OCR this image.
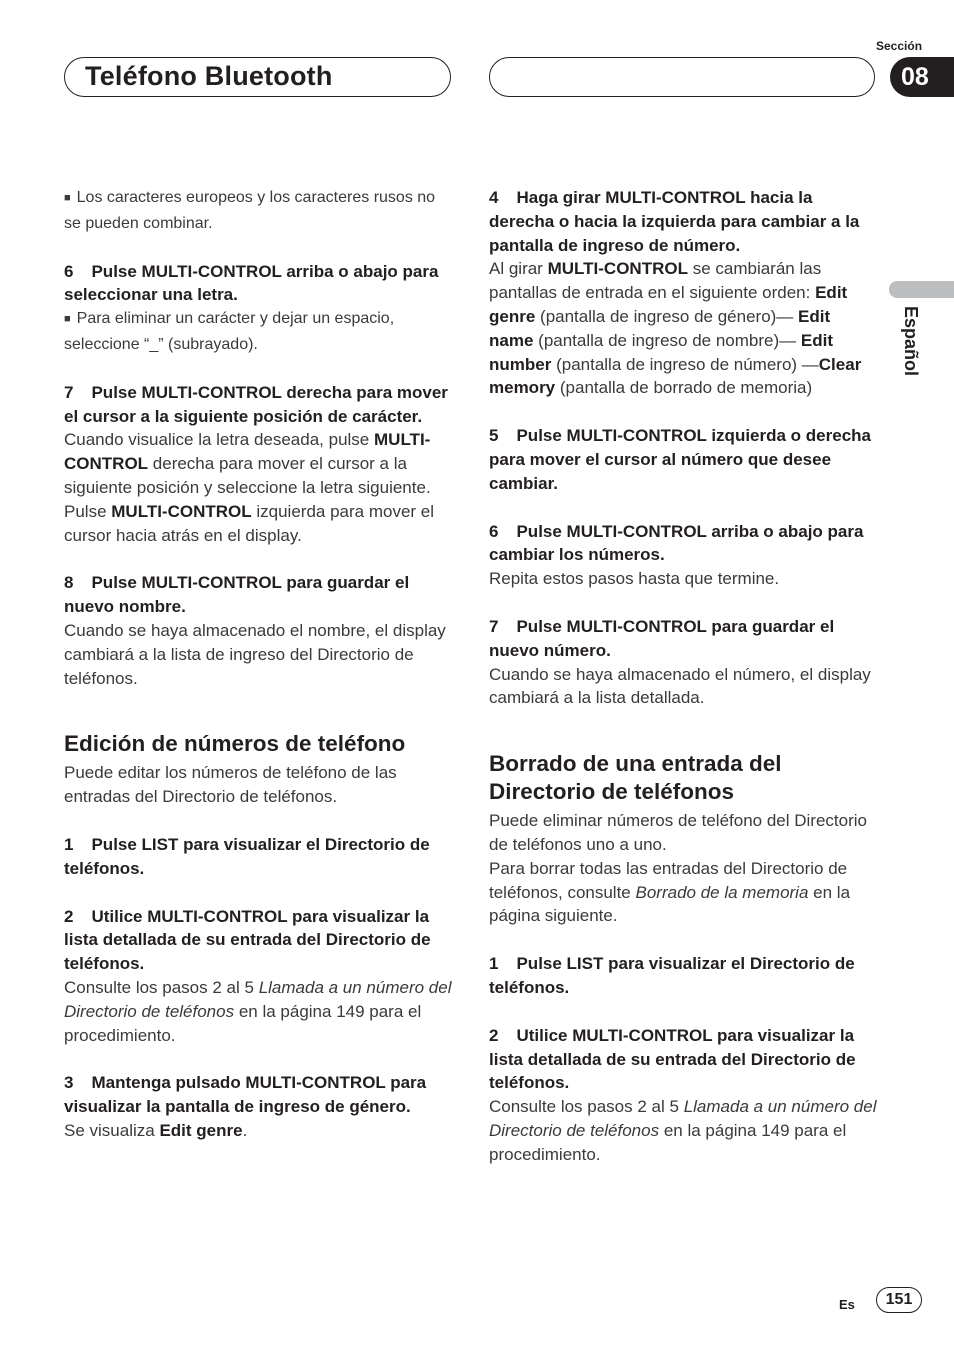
Teléfono Bluetooth
Sección
08
Español

■ Los caracteres europeos y los caracteres rusos no se pueden combinar.

6 Pulse MULTI-CONTROL arriba o abajo para seleccionar una letra.

■ Para eliminar un carácter y dejar un espacio, seleccione “_” (subrayado).

7 Pulse MULTI-CONTROL derecha para mover el cursor a la siguiente posición de carácter.

Cuando visualice la letra deseada, pulse MULTI-CONTROL derecha para mover el cursor a la siguiente posición y seleccione la letra siguiente. Pulse MULTI-CONTROL izquierda para mover el cursor hacia atrás en el display.

8 Pulse MULTI-CONTROL para guardar el nuevo nombre.

Cuando se haya almacenado el nombre, el display cambiará a la lista de ingreso del Directorio de teléfonos.

Edición de números de teléfono

Puede editar los números de teléfono de las entradas del Directorio de teléfonos.

1 Pulse LIST para visualizar el Directorio de teléfonos.

2 Utilice MULTI-CONTROL para visualizar la lista detallada de su entrada del Directorio de teléfonos.

Consulte los pasos 2 al 5 Llamada a un número del Directorio de teléfonos en la página 149 para el procedimiento.

3 Mantenga pulsado MULTI-CONTROL para visualizar la pantalla de ingreso de género.

Se visualiza Edit genre.

4 Haga girar MULTI-CONTROL hacia la derecha o hacia la izquierda para cambiar a la pantalla de ingreso de número.

Al girar MULTI-CONTROL se cambiarán las pantallas de entrada en el siguiente orden: Edit genre (pantalla de ingreso de género)— Edit name (pantalla de ingreso de nombre)— Edit number (pantalla de ingreso de número) —Clear memory (pantalla de borrado de memoria)

5 Pulse MULTI-CONTROL izquierda o derecha para mover el cursor al número que desee cambiar.

6 Pulse MULTI-CONTROL arriba o abajo para cambiar los números.

Repita estos pasos hasta que termine.

7 Pulse MULTI-CONTROL para guardar el nuevo número.

Cuando se haya almacenado el número, el display cambiará a la lista detallada.

Borrado de una entrada del Directorio de teléfonos

Puede eliminar números de teléfono del Directorio de teléfonos uno a uno.

Para borrar todas las entradas del Directorio de teléfonos, consulte Borrado de la memoria en la página siguiente.

1 Pulse LIST para visualizar el Directorio de teléfonos.

2 Utilice MULTI-CONTROL para visualizar la lista detallada de su entrada del Directorio de teléfonos.

Consulte los pasos 2 al 5 Llamada a un número del Directorio de teléfonos en la página 149 para el procedimiento.

Es	151
